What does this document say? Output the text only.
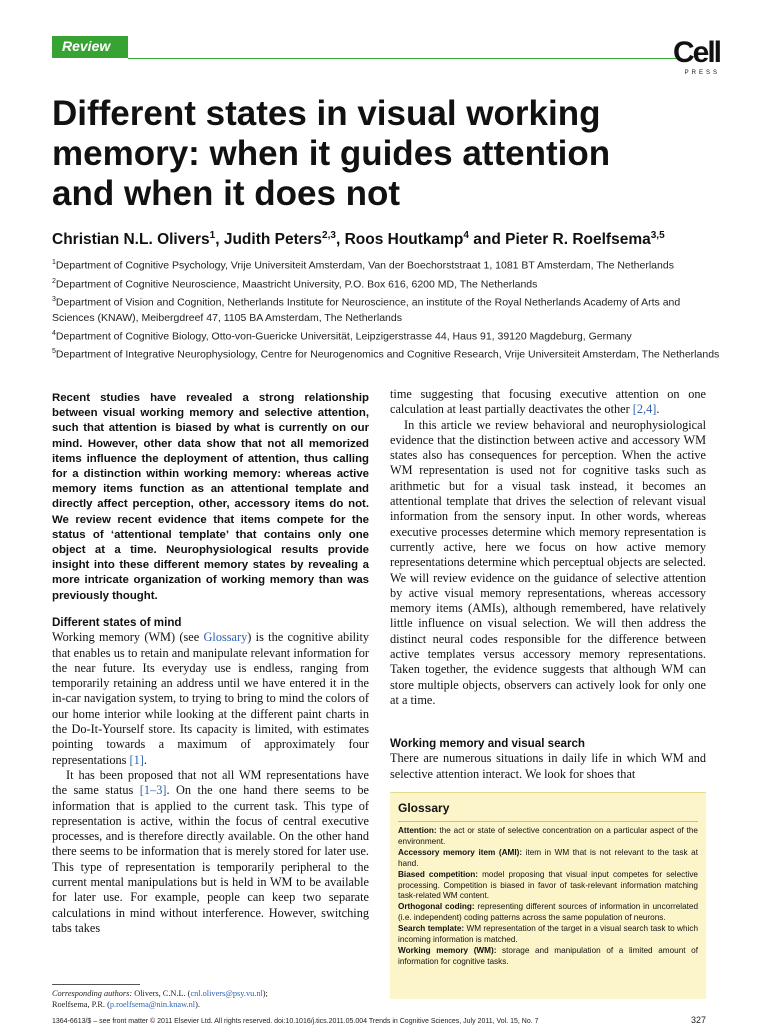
Review	Cell
PRESS
Different states in visual working memory: when it guides attention and when it does not
Christian N.L. Olivers$^1$, Judith Peters$^{2,3}$, Roos Houtkamp$^4$ and Pieter R. Roelfsema$^{3,5}$
$^1$Department of Cognitive Psychology, Vrije Universiteit Amsterdam, Van der Boechorststraat 1, 1081 BT Amsterdam, The Netherlands
$^2$Department of Cognitive Neuroscience, Maastricht University, P.O. Box 616, 6200 MD, The Netherlands
$^3$Department of Vision and Cognition, Netherlands Institute for Neuroscience, an institute of the Royal Netherlands Academy of Arts and Sciences (KNAW), Meibergdreef 47, 1105 BA Amsterdam, The Netherlands
$^4$Department of Cognitive Biology, Otto-von-Guericke Universität, Leipzigerstrasse 44, Haus 91, 39120 Magdeburg, Germany
$^5$Department of Integrative Neurophysiology, Centre for Neurogenomics and Cognitive Research, Vrije Universiteit Amsterdam, The Netherlands

Recent studies have revealed a strong relationship between visual working memory and selective attention, such that attention is biased by what is currently on our mind. However, other data show that not all memorized items influence the deployment of attention, thus calling for a distinction within working memory: whereas active memory items function as an attentional template and directly affect perception, other, accessory items do not. We review recent evidence that items compete for the status of ‘attentional template’ that contains only one object at a time. Neurophysiological results provide insight into these different memory states by revealing a more intricate organization of working memory than was previously thought.

Different states of mind

Working memory (WM) (see Glossary) is the cognitive ability that enables us to retain and manipulate relevant information for the near future. Its everyday use is endless, ranging from temporarily retaining an address until we have entered it in the in-car navigation system, to trying to bring to mind the colors of our home interior while looking at the different paint charts in the Do-It-Yourself store. Its capacity is limited, with estimates pointing towards a maximum of approximately four representations [1].

It has been proposed that not all WM representations have the same status [1–3]. On the one hand there seems to be information that is applied to the current task. This type of representation is active, within the focus of central executive processes, and is therefore directly available. On the other hand there seems to be information that is merely stored for later use. This type of representation is temporarily peripheral to the current mental manipulations but is held in WM to be available for later use. For example, people can keep two separate calculations in mind without interference. However, switching tabs takes

time suggesting that focusing executive attention on one calculation at least partially deactivates the other [2,4].

In this article we review behavioral and neurophysiological evidence that the distinction between active and accessory WM states also has consequences for perception. When the active WM representation is used not for cognitive tasks such as arithmetic but for a visual task instead, it becomes an attentional template that drives the selection of relevant visual information from the sensory input. In other words, whereas executive processes determine which memory representation is currently active, here we focus on how active memory representations determine which perceptual objects are selected. We will review evidence on the guidance of selective attention by active visual memory representations, whereas accessory memory items (AMIs), although remembered, have relatively little influence on visual selection. We will then address the distinct neural codes responsible for the difference between active templates versus accessory memory representations. Taken together, the evidence suggests that although WM can store multiple objects, observers can actively look for only one at a time.

Working memory and visual search

There are numerous situations in daily life in which WM and selective attention interact. We look for shoes that

Glossary
Attention: the act or state of selective concentration on a particular aspect of the environment.
Accessory memory item (AMI): item in WM that is not relevant to the task at hand.
Biased competition: model proposing that visual input competes for selective processing. Competition is biased in favor of task-relevant information matching task-related WM content.
Orthogonal coding: representing different sources of information in uncorrelated (i.e. independent) coding patterns across the same population of neurons.
Search template: WM representation of the target in a visual search task to which incoming information is matched.
Working memory (WM): storage and manipulation of a limited amount of information for cognitive tasks.
Corresponding authors: Olivers, C.N.L. (cnl.olivers@psy.vu.nl);
Roelfsema, P.R. (p.roelfsema@nin.knaw.nl).
1364-6613/$ – see front matter © 2011 Elsevier Ltd. All rights reserved. doi:10.1016/j.tics.2011.05.004 Trends in Cognitive Sciences, July 2011, Vol. 15, No. 7	327
